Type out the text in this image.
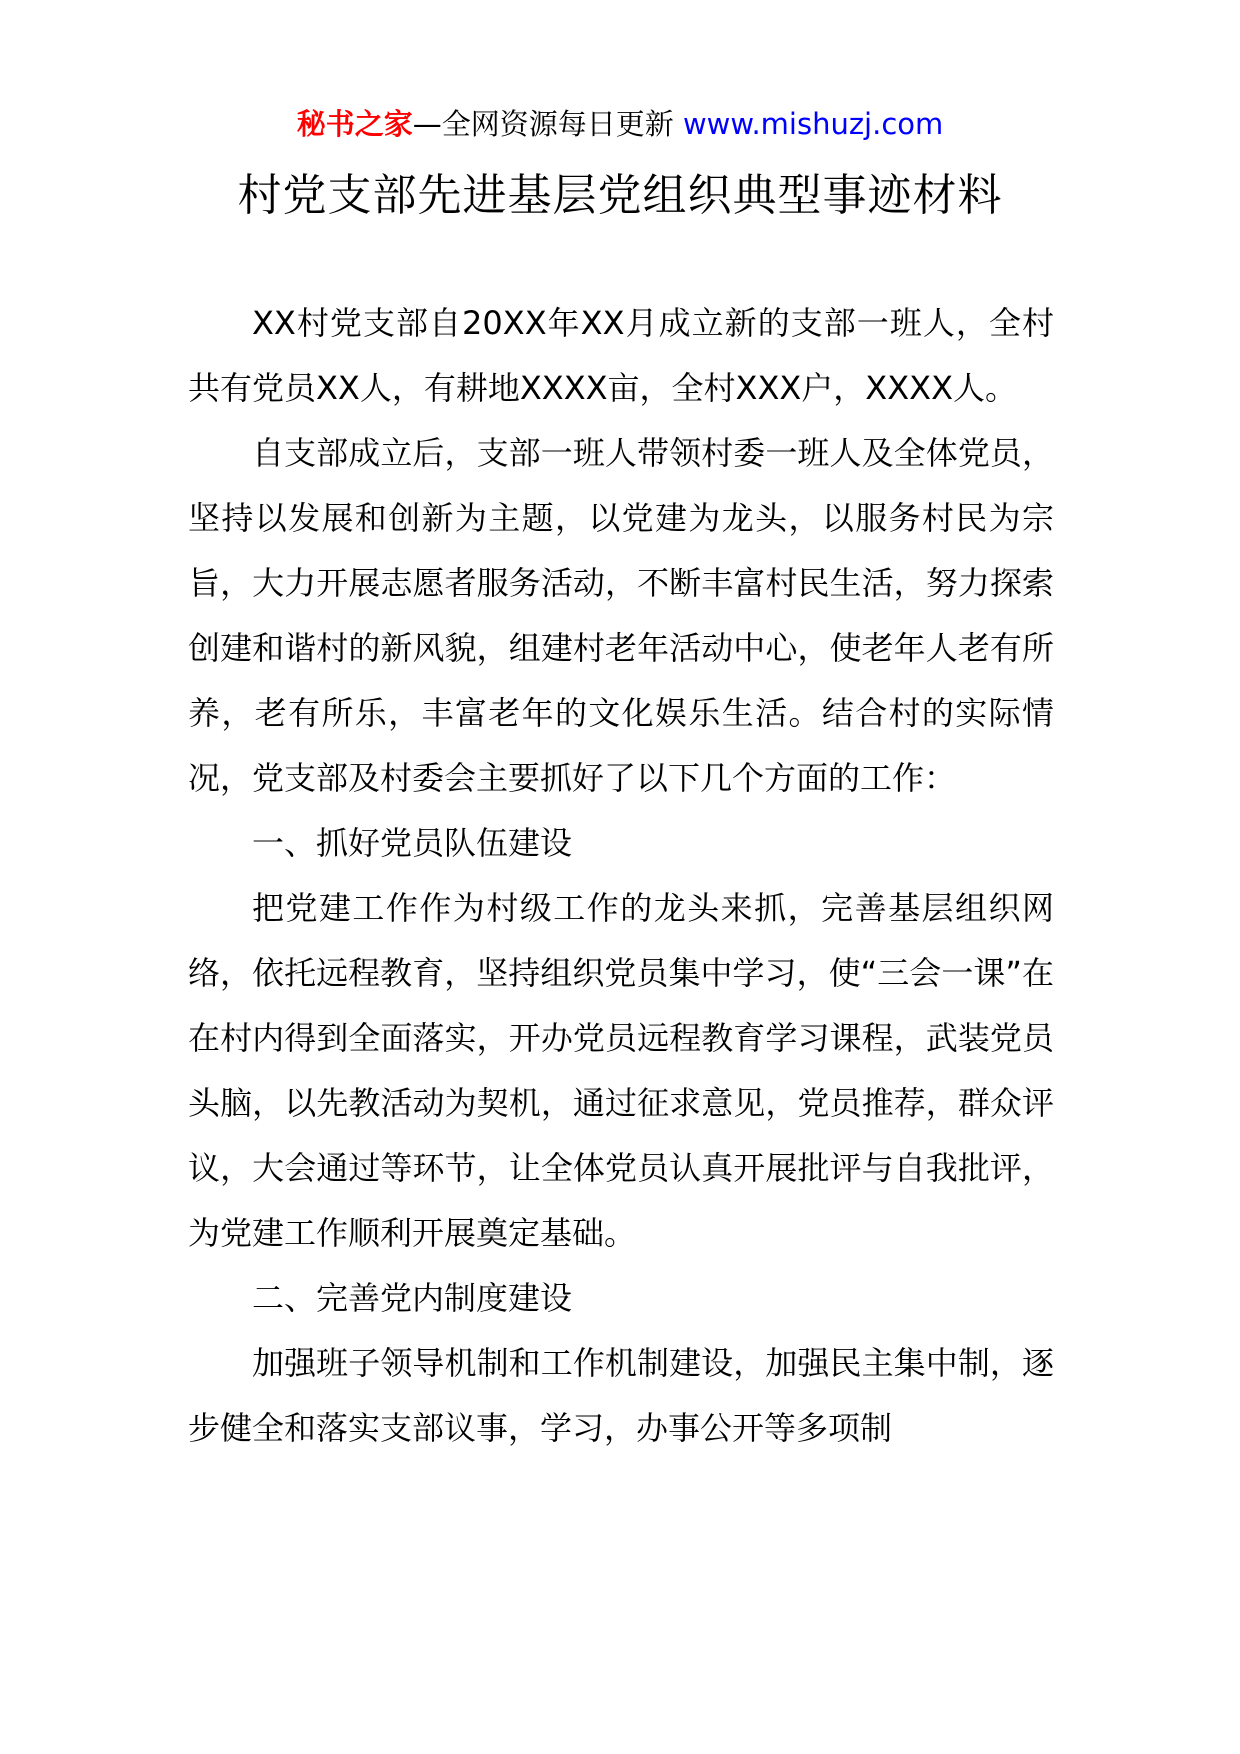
秘书之家—全网资源每日更新 www.mishuzj.com
村党支部先进基层党组织典型事迹材料

XX村党支部自20XX年XX月成立新的支部一班人，全村共有党员XX人，有耕地XXXX亩，全村XXX户，XXXX人。

自支部成立后，支部一班人带领村委一班人及全体党员，坚持以发展和创新为主题，以党建为龙头，以服务村民为宗旨，大力开展志愿者服务活动，不断丰富村民生活，努力探索创建和谐村的新风貌，组建村老年活动中心，使老年人老有所养，老有所乐，丰富老年的文化娱乐生活。结合村的实际情况，党支部及村委会主要抓好了以下几个方面的工作：

一、抓好党员队伍建设

把党建工作作为村级工作的龙头来抓，完善基层组织网络，依托远程教育，坚持组织党员集中学习，使“三会一课”在在村内得到全面落实，开办党员远程教育学习课程，武装党员头脑，以先教活动为契机，通过征求意见，党员推荐，群众评议，大会通过等环节，让全体党员认真开展批评与自我批评，为党建工作顺利开展奠定基础。

二、完善党内制度建设

加强班子领导机制和工作机制建设，加强民主集中制，逐步健全和落实支部议事，学习，办事公开等多项制
